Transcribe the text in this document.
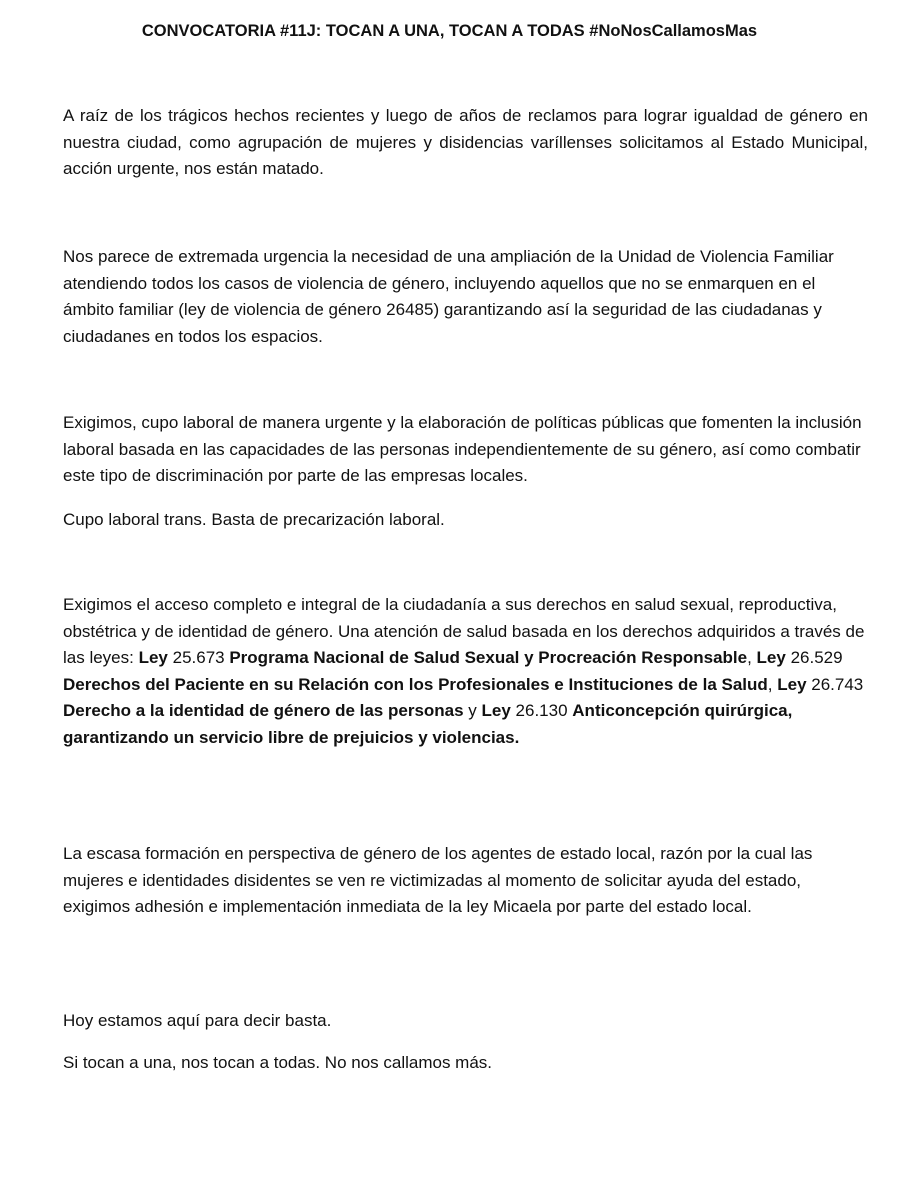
CONVOCATORIA #11J: TOCAN A UNA, TOCAN A TODAS #NoNosCallamosMas

A raíz de los trágicos hechos recientes y luego de años de reclamos para lograr igualdad de género en nuestra ciudad, como agrupación de mujeres y disidencias varíllenses solicitamos al Estado Municipal, acción urgente, nos están matado.

Nos parece de extremada urgencia la necesidad de una ampliación de la Unidad de Violencia Familiar atendiendo todos los casos de violencia de género, incluyendo aquellos que no se enmarquen en el ámbito familiar (ley de violencia de género 26485) garantizando así la seguridad de las ciudadanas y ciudadanes en todos los espacios.

Exigimos, cupo laboral de manera urgente y la elaboración de políticas públicas que fomenten la inclusión laboral basada en las capacidades de las personas independientemente de su género, así como combatir este tipo de discriminación por parte de las empresas locales.

Cupo laboral trans. Basta de precarización laboral.

Exigimos el acceso completo e integral de la ciudadanía a sus derechos en salud sexual, reproductiva, obstétrica y de identidad de género. Una atención de salud basada en los derechos adquiridos a través de las leyes: Ley 25.673 Programa Nacional de Salud Sexual y Procreación Responsable, Ley 26.529 Derechos del Paciente en su Relación con los Profesionales e Instituciones de la Salud, Ley 26.743 Derecho a la identidad de género de las personas y Ley 26.130 Anticoncepción quirúrgica, garantizando un servicio libre de prejuicios y violencias.

La escasa formación en perspectiva de género de los agentes de estado local, razón por la cual las mujeres e identidades disidentes se ven re victimizadas al momento de solicitar ayuda del estado, exigimos adhesión e implementación inmediata de la ley Micaela por parte del estado local.

Hoy estamos aquí para decir basta.

Si tocan a una, nos tocan a todas. No nos callamos más.
